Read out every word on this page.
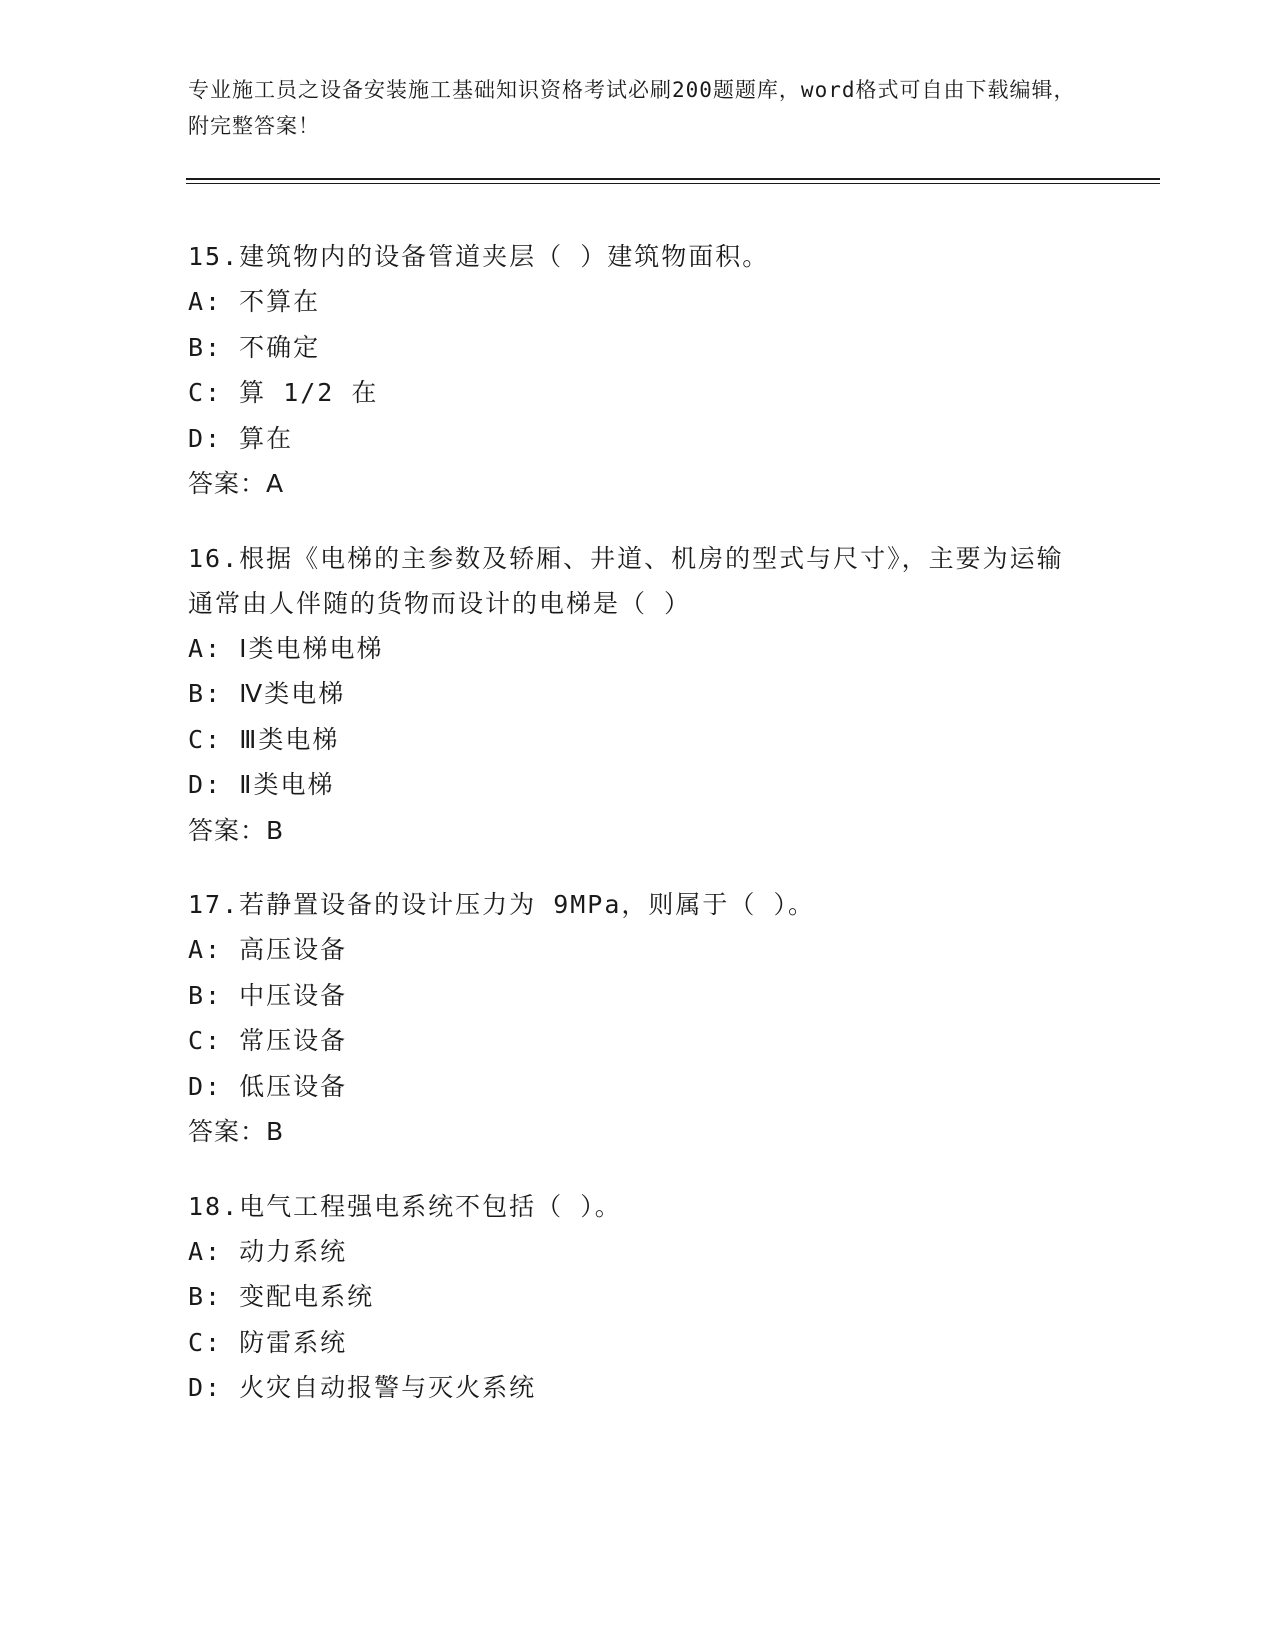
专业施工员之设备安装施工基础知识资格考试必刷200题题库，word格式可自由下载编辑，附完整答案！
15.建筑物内的设备管道夹层（ ）建筑物面积。
A: 不算在
B: 不确定
C: 算 1/2 在
D: 算在
答案：A
16.根据《电梯的主参数及轿厢、井道、机房的型式与尺寸》，主要为运输通常由人伴随的货物而设计的电梯是（ ）
A: Ⅰ类电梯电梯
B: Ⅳ类电梯
C: Ⅲ类电梯
D: Ⅱ类电梯
答案：B
17.若静置设备的设计压力为 9MPa，则属于（ ）。
A: 高压设备
B: 中压设备
C: 常压设备
D: 低压设备
答案：B
18.电气工程强电系统不包括（ ）。
A: 动力系统
B: 变配电系统
C: 防雷系统
D: 火灾自动报警与灭火系统
